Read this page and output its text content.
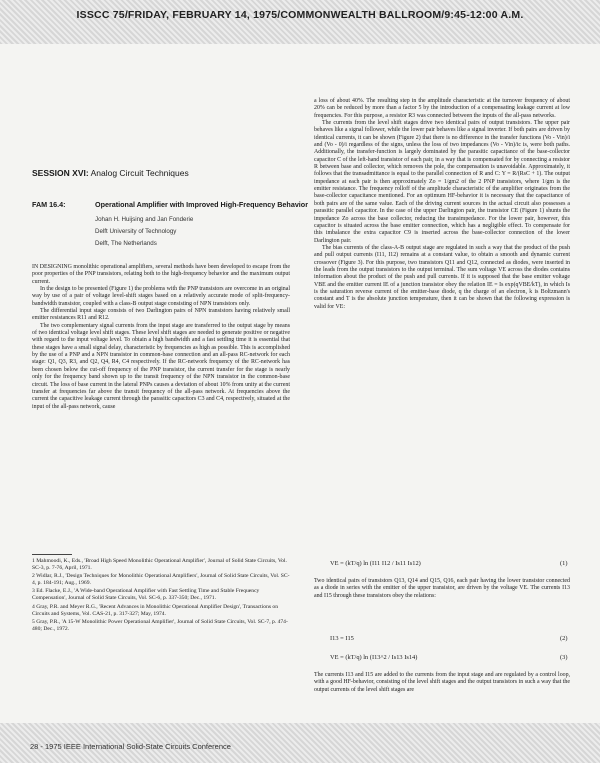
ISSCC 75/FRIDAY, FEBRUARY 14, 1975/COMMONWEALTH BALLROOM/9:45-12:00 A.M.
SESSION XVI: Analog Circuit Techniques
FAM 16.4:	Operational Amplifier with Improved High-Frequency Behavior
Johan H. Huijsing and Jan Fonderie
Delft University of Technology
Delft, The Netherlands

IN DESIGNING monolithic operational amplifiers, several methods have been developed to escape from the poor properties of the PNP transistors, relating both to the high-frequency behavior and the maximum output current.

In the design to be presented (Figure 1) the problems with the PNP transistors are overcome in an original way by use of a pair of voltage level-shift stages based on a relatively accurate mode of split-frequency-bandwidth transistor, coupled with a class-B output stage consisting of NPN transistors only.

The differential input stage consists of two Darlington pairs of NPN transistors having relatively small emitter resistances R11 and R12.

The two complementary signal currents from the input stage are transferred to the output stage by means of two identical voltage level shift stages. These level shift stages are needed to generate positive or negative with regard to the input voltage level. To obtain a high bandwidth and a fast settling time it is essential that these stages have a small signal delay, characteristic by frequencies as high as possible. This is accomplished by the use of a PNP and a NPN transistor in common-base connection and an all-pass RC-network for each stage: Q1, Q3, R3, and Q2, Q4, R4, C4 respectively. If the RC-network frequency of the RC-network has been chosen below the cut-off frequency of the PNP transistor, the current transfer for the stage is nearly only for the frequency band shown up to the transit frequency of the NPN transistor in the common-base circuit. The loss of base current in the lateral PNPs causes a deviation of about 10% from unity at the current transfer at frequencies far above the transit frequency of the all-pass network. At frequencies above the current the capacitive leakage current through the parasitic capacitors C3 and C4, respectively, situated at the input of the all-pass network, cause

1 Mahmoodi, K., Eds., 'Broad High Speed Monolithic Operational Amplifier', Journal of Solid State Circuits, Vol. SC-3, p. 7-76, April, 1971.

2 Widlar, R.J., 'Design Techniques for Monolithic Operational Amplifiers', Journal of Solid State Circuits, Vol. SC-4, p. 184-191; Aug., 1969.

3 Ed. Flacke, E.J., 'A Wide-band Operational Amplifier with Fast Settling Time and Stable Frequency Compensation', Journal of Solid State Circuits, Vol. SC-6, p. 337-350; Dec., 1971.

4 Gray, P.R. and Meyer R.G., 'Recent Advances in Monolithic Operational Amplifier Design', Transactions on Circuits and Systems, Vol. CAS-21, p. 317-327; May, 1974.

5 Gray, P.R., 'A 15-W Monolithic Power Operational Amplifier', Journal of Solid State Circuits, Vol. SC-7, p. 474-480; Dec., 1972.

a loss of about 40%. The resulting step in the amplitude characteristic at the turnover frequency of about 20% can be reduced by more than a factor 5 by the introduction of a compensating leakage current at low frequencies. For this purpose, a resistor R3 was connected between the inputs of the all-pass networks.

The currents from the level shift stages drive two identical pairs of output transistors. The upper pair behaves like a signal follower, while the lower pair behaves like a signal inverter. If both pairs are driven by identical currents, it can be shown (Figure 2) that there is no difference in the transfer functions (Vo - Vin)/i and (Vo - 0)/i regardless of the signs, unless the loss of two impedances (Vo - Vin)/ic is, were both paths. Additionally, the transfer-function is largely dominated by the parasitic capacitance of the base-collector capacitor C of the left-hand transistor of each pair, in a way that is compensated for by connecting a resistor R between base and collector, which removes the pole, the compensation is unavoidable. Approximately, it follows that the transadmittance is equal to the parallel connection of R and C: Y = R/(RsC + 1). The output impedance at each pair is then approximately Zo = 1/gm2 of the 2 PNP transistors, where 1/gm is the emitter resistance. The frequency rolloff of the amplitude characteristic of the amplifier originates from the base-collector capacitance mentioned. For an optimum HF-behavior it is necessary that the capacitance of both pairs are of the same value. Each of the driving current sources in the actual circuit also possesses a parasitic parallel capacitor. In the case of the upper Darlington pair, the transistor CE (Figure 1) shunts the impedance Zo across the base collector, reducing the transimpedance. For the lower pair, however, this capacitor is situated across the base emitter connection, which has a negligible effect. To compensate for this imbalance the extra capacitor C9 is inserted across the base-collector connection of the lower Darlington pair.

The bias currents of the class-A-B output stage are regulated in such a way that the product of the push and pull output currents (I11, I12) remains at a constant value, to obtain a smooth and dynamic current crossover (Figure 3). For this purpose, two transistors Q11 and Q12, connected as diodes, were inserted in the leads from the output transistors to the output terminal. The sum voltage VE across the diodes contains information about the product of the push and pull currents. If it is supposed that the base emitter voltage VBE and the emitter current IE of a junction transistor obey the relation IE = Is exp(qVBE/kT), in which Is is the saturation reverse current of the emitter-base diode, q the charge of an electron, k is Boltzmann's constant and T is the absolute junction temperature, then it can be shown that the following expression is valid for VE:

VE = (kT/q) ln (I11 I12 / Is11 Is12)	(1)

Two identical pairs of transistors Q13, Q14 and Q15, Q16, each pair having the lower transistor connected as a diode in series with the emitter of the upper transistor, are driven by the voltage VE. The currents I13 and I15 through these transistors obey the relations:

I13 = I15	(2)
VE = (kT/q) ln (I13^2 / Is13 Is14)	(3)

The currents I13 and I15 are added to the currents from the input stage and are regulated by a control loop, with a good HF-behavior, consisting of the level shift stages and the output transistors in such a way that the output currents of the level shift stages are

28 - 1975 IEEE International Solid-State Circuits Conference
